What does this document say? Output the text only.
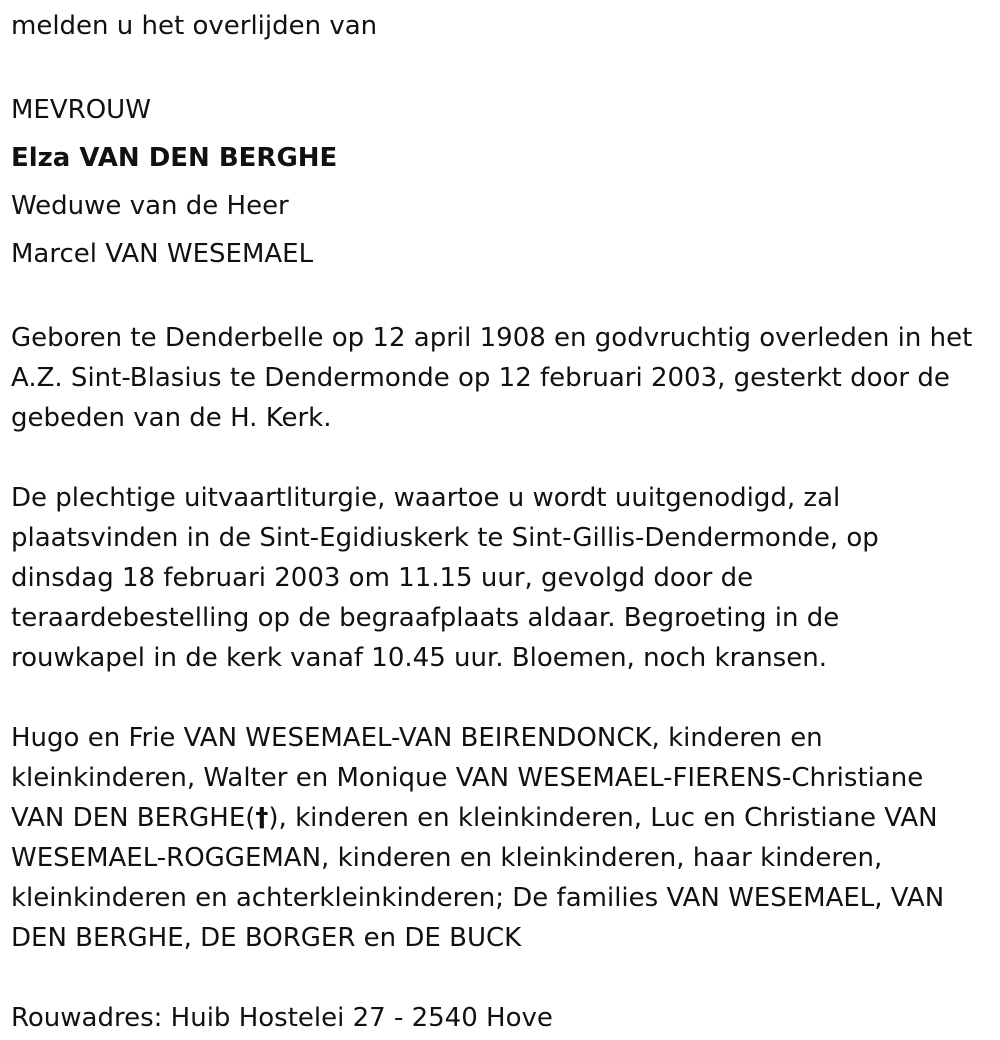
melden u het overlijden van

MEVROUW

Elza VAN DEN BERGHE

Weduwe van de Heer

Marcel VAN WESEMAEL

Geboren te Denderbelle op 12 april 1908 en godvruchtig overleden in het

A.Z. Sint-Blasius te Dendermonde op 12 februari 2003, gesterkt door de

gebeden van de H. Kerk.

De plechtige uitvaartliturgie, waartoe u wordt uuitgenodigd, zal

plaatsvinden in de Sint-Egidiuskerk te Sint-Gillis-Dendermonde, op

dinsdag 18 februari 2003 om 11.15 uur, gevolgd door de

teraardebestelling op de begraafplaats aldaar. Begroeting in de

rouwkapel in de kerk vanaf 10.45 uur. Bloemen, noch kransen.

Hugo en Frie VAN WESEMAEL-VAN BEIRENDONCK, kinderen en

kleinkinderen, Walter en Monique VAN WESEMAEL-FIERENS-Christiane

VAN DEN BERGHE(†), kinderen en kleinkinderen, Luc en Christiane VAN

WESEMAEL-ROGGEMAN, kinderen en kleinkinderen, haar kinderen,

kleinkinderen en achterkleinkinderen; De families VAN WESEMAEL, VAN

DEN BERGHE, DE BORGER en DE BUCK

Rouwadres: Huib Hostelei 27 - 2540 Hove
